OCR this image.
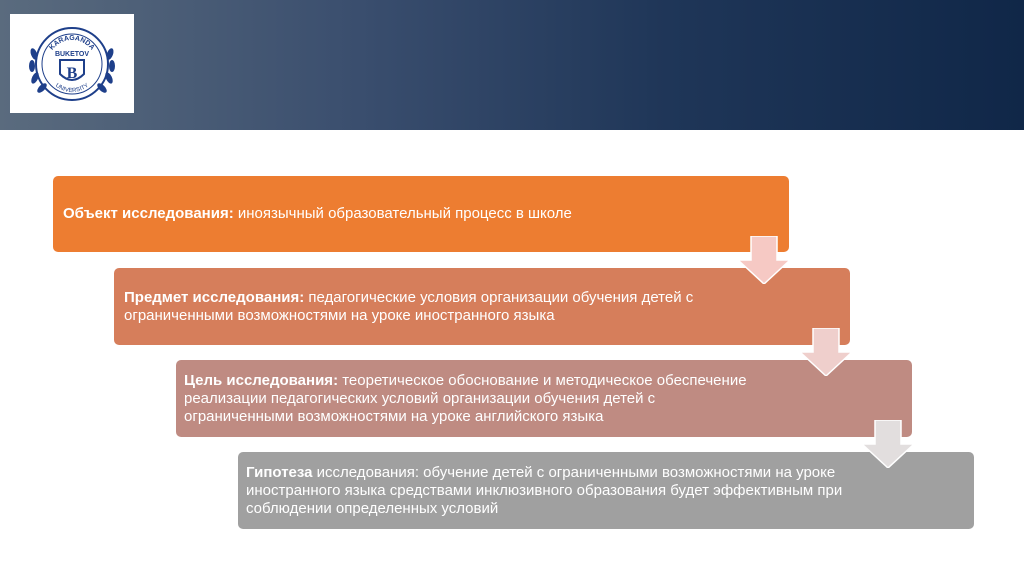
KARAGANDA
UNIVERSITY
BUKETOV
B
Объект исследования: иноязычный образовательный процесс в школе
Предмет исследования: педагогические условия организации обучения детей с ограниченными возможностями на уроке иностранного языка
Цель исследования: теоретическое обоснование и методическое обеспечение реализации педагогических условий организации обучения детей с ограниченными возможностями на уроке английского языка
Гипотеза исследования: обучение детей с ограниченными возможностями на уроке иностранного языка средствами инклюзивного образования будет эффективным при соблюдении определенных условий
